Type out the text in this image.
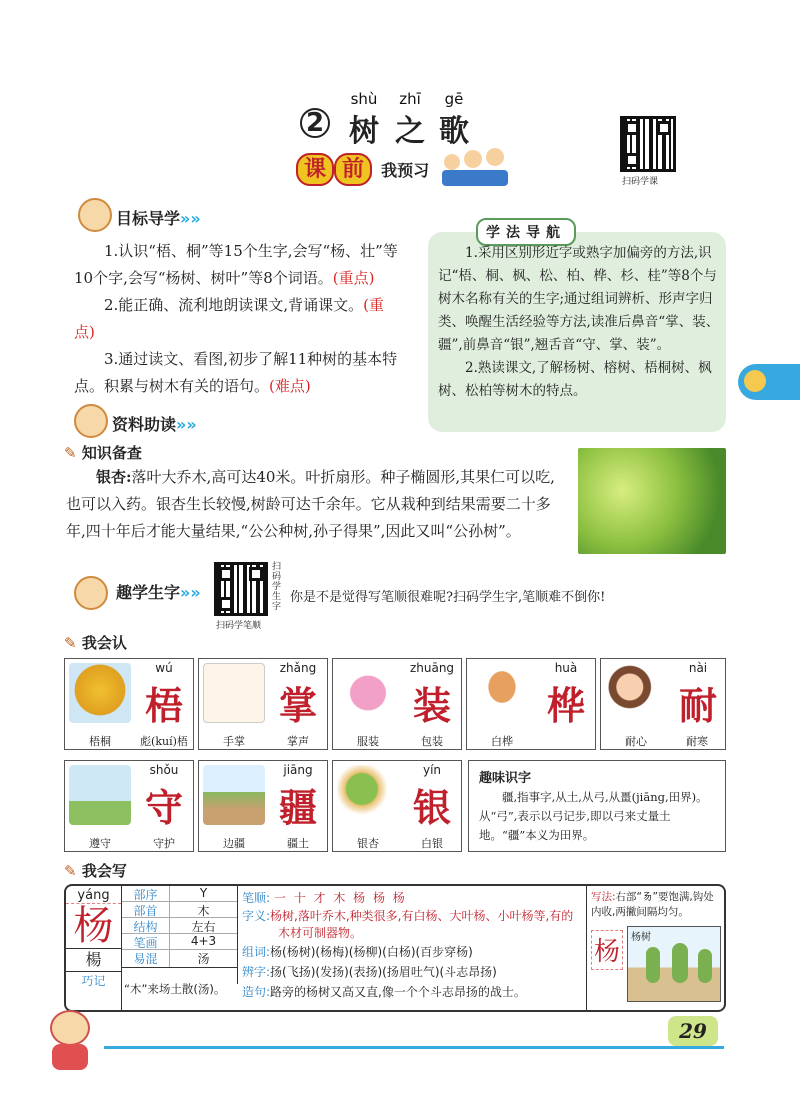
2
shù	zhī	gē
树 之 歌
课 前 我预习
扫码学课
目标导学»»

1.认识“梧、桐”等15个生字,会写“杨、壮”等10个字,会写“杨树、树叶”等8个词语。(重点)

2.能正确、流利地朗读课文,背诵课文。(重点)

3.通过读文、看图,初步了解11种树的基本特点。积累与树木有关的语句。(难点)

学法导航

1.采用区别形近字或熟字加偏旁的方法,识记“梧、桐、枫、松、柏、桦、杉、桂”等8个与树木名称有关的生字;通过组词辨析、形声字归类、唤醒生活经验等方法,读准后鼻音“掌、装、疆”,前鼻音“银”,翘舌音“守、掌、装”。

2.熟读课文,了解杨树、榕树、梧桐树、枫树、松柏等树木的特点。

资料助读»»
✎ 知识备查

银杏:落叶大乔木,高可达40米。叶折扇形。种子椭圆形,其果仁可以吃,也可以入药。银杏生长较慢,树龄可达千余年。它从栽种到结果需要二十多年,四十年后才能大量结果,“公公种树,孙子得果”,因此又叫“公孙树”。

趣学生字»»
扫码学生字
扫码学笔顺
你是不是觉得写笔顺很难呢?扫码学生字,笔顺难不倒你!
✎ 我会认
wú
梧
梧桐	彪(kuí)梧
zhǎng
掌
手掌	掌声
zhuāng
装
服装	包装
huà
桦
白桦
nài
耐
耐心	耐寒
shǒu
守
遵守	守护
jiāng
疆
边疆	疆土
yín
银
银杏	白银
趣味识字
疆,指事字,从土,从弓,从畺(jiāng,田界)。从“弓”,表示以弓记步,即以弓来丈量土地。“疆”本义为田界。
✎ 我会写
yáng
杨
楊
巧记
部序	Y
部首	木
结构	左右
笔画	4+3
易混	汤
“木”来场土散(汤)。
笔顺: 一 十 才 木 杨 杨 杨
字义:杨树,落叶乔木,种类很多,有白杨、大叶杨、小叶杨等,有的木材可制器物。
组词:杨(杨树)(杨梅)(杨柳)(白杨)(百步穿杨)
辨字:扬(飞扬)(发扬)(表扬)(扬眉吐气)(斗志昂扬)
造句:路旁的杨树又高又直,像一个个斗志昂扬的战士。
写法:右部“𠃓”要饱满,钩处内收,两撇间隔均匀。
杨	杨树
29
